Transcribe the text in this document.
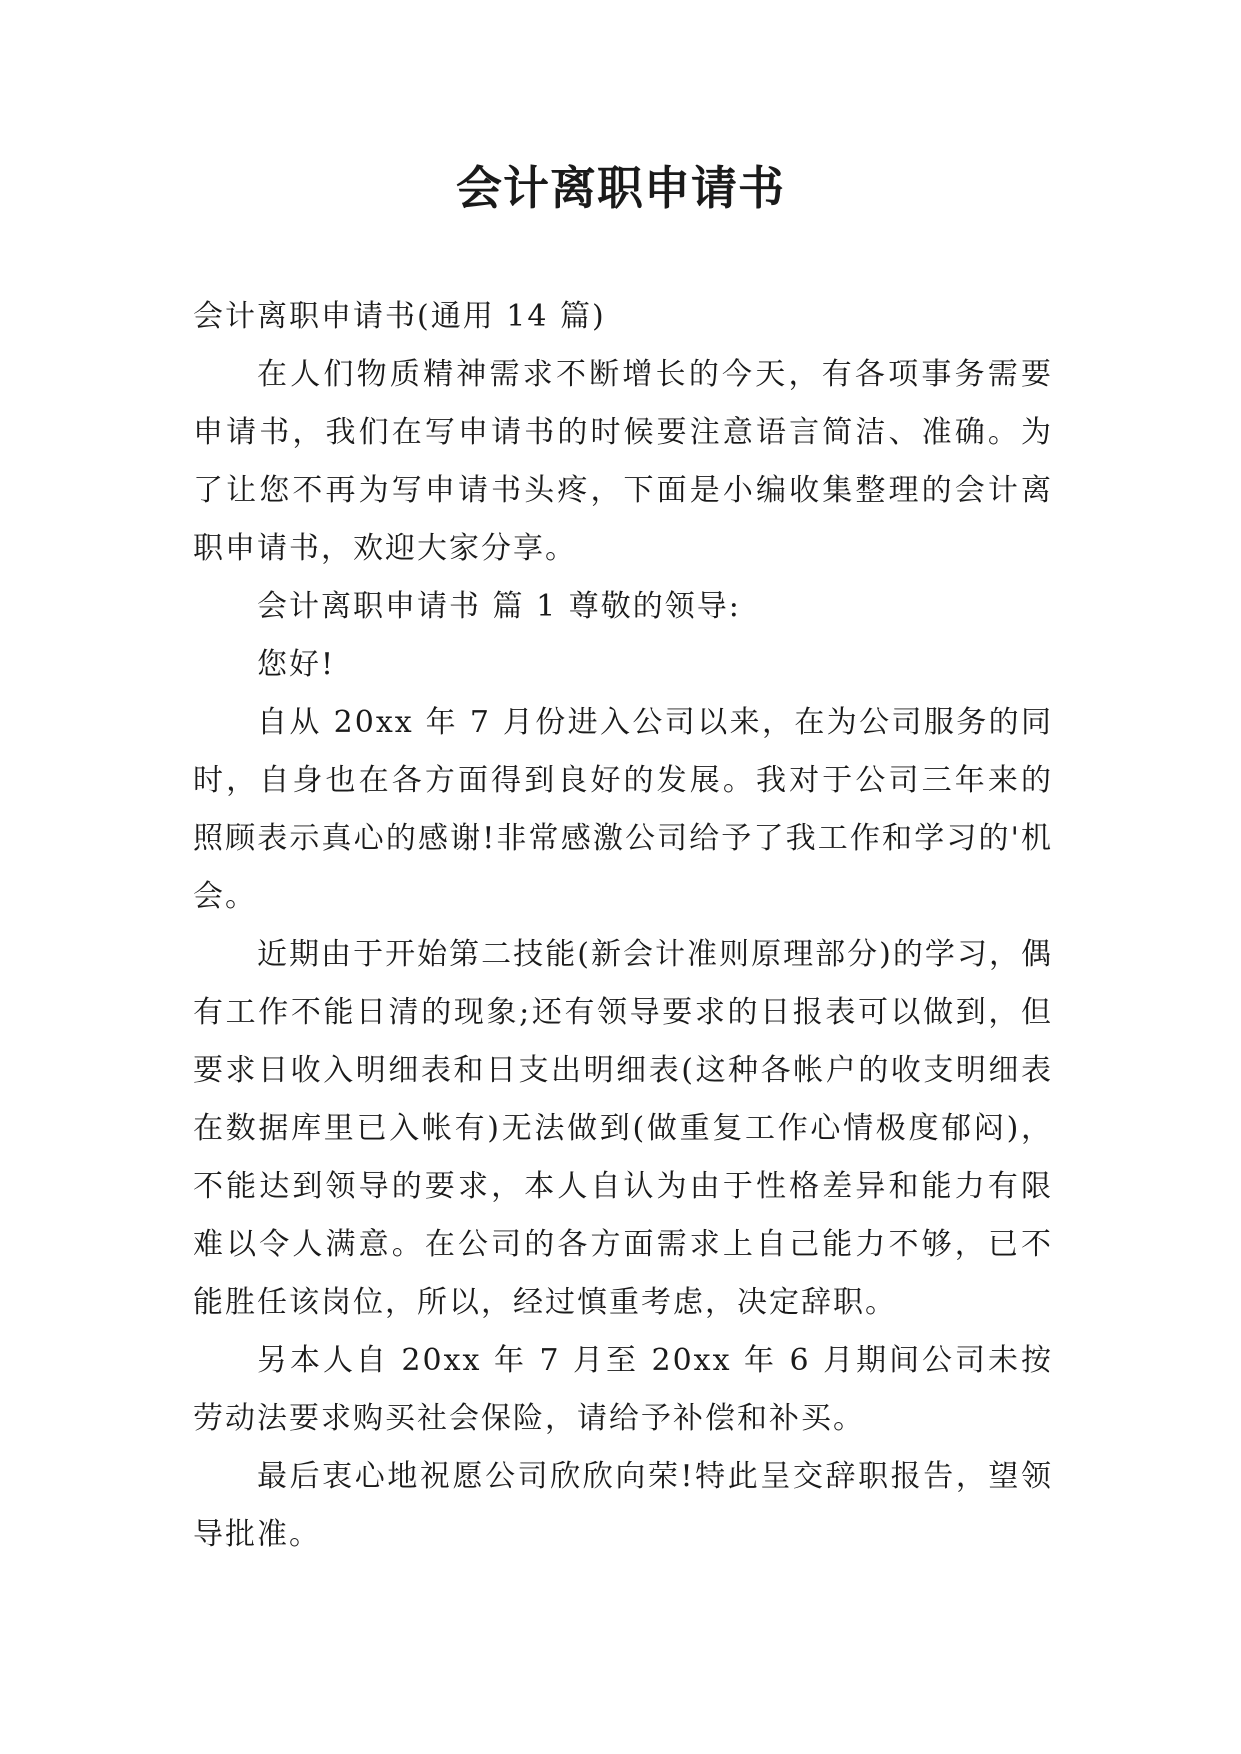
会计离职申请书

会计离职申请书(通用 14 篇)

在人们物质精神需求不断增长的今天，有各项事务需要申请书，我们在写申请书的时候要注意语言简洁、准确。为了让您不再为写申请书头疼，下面是小编收集整理的会计离职申请书，欢迎大家分享。

会计离职申请书 篇 1 尊敬的领导:

您好!

自从 20xx 年 7 月份进入公司以来，在为公司服务的同时，自身也在各方面得到良好的发展。我对于公司三年来的照顾表示真心的感谢!非常感激公司给予了我工作和学习的'机会。

近期由于开始第二技能(新会计准则原理部分)的学习，偶有工作不能日清的现象;还有领导要求的日报表可以做到，但要求日收入明细表和日支出明细表(这种各帐户的收支明细表在数据库里已入帐有)无法做到(做重复工作心情极度郁闷)，不能达到领导的要求，本人自认为由于性格差异和能力有限难以令人满意。在公司的各方面需求上自己能力不够，已不能胜任该岗位，所以，经过慎重考虑，决定辞职。

另本人自 20xx 年 7 月至 20xx 年 6 月期间公司未按劳动法要求购买社会保险，请给予补偿和补买。

最后衷心地祝愿公司欣欣向荣!特此呈交辞职报告，望领导批准。
